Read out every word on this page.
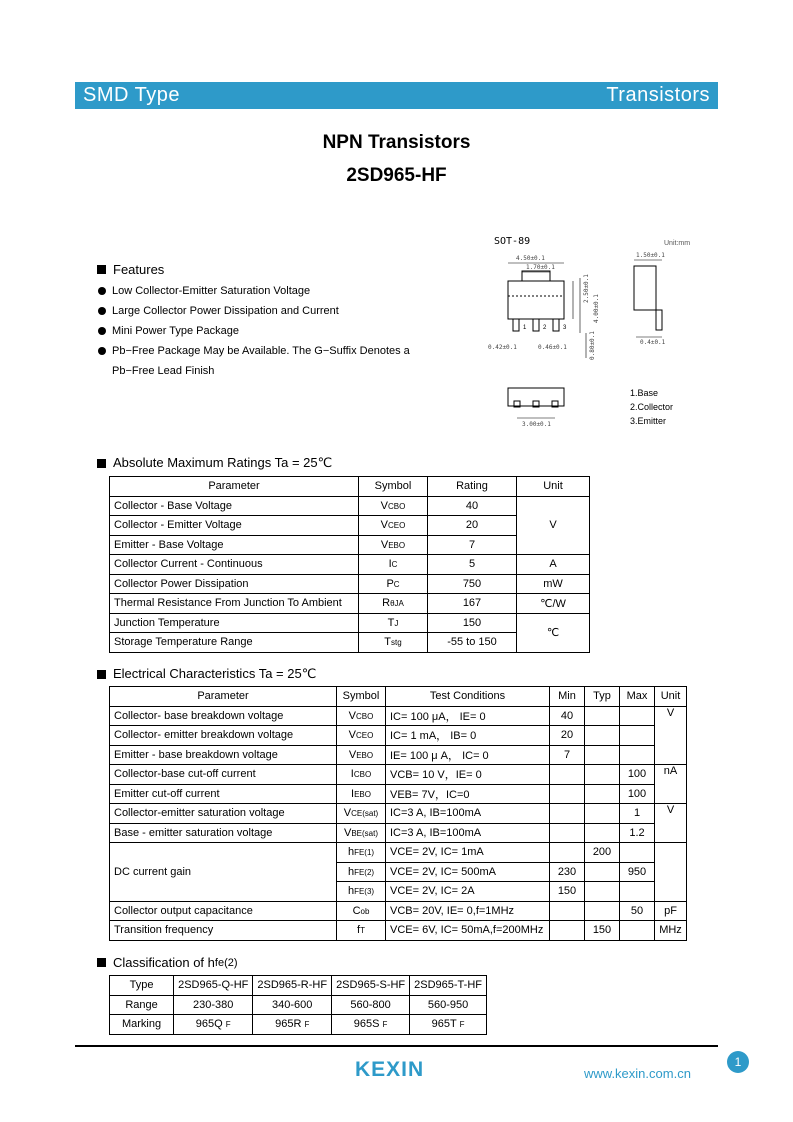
SMD Type	Transistors
NPN Transistors
2SD965-HF
SOT-89	Unit:mm
4.50±0.1
1.70±0.1
2.50±0.1
4.00±0.1
0.42±0.1	0.46±0.1	0.80±0.1
1.50±0.1
0.4±0.1
3.00±0.1
1	2	3
1.Base
2.Collector
3.Emitter
Features
Low Collector-Emitter Saturation Voltage
Large Collector Power Dissipation and Current
Mini Power Type Package
Pb−Free Package May be Available. The G−Suffix Denotes a
Pb−Free Lead Finish
Absolute Maximum Ratings Ta = 25℃
Parameter	Symbol	Rating	Unit
Collector - Base Voltage	VCBO	40	V
Collector - Emitter Voltage	VCEO	20	
Emitter - Base Voltage	VEBO	7	
Collector Current - Continuous	IC	5	A
Collector Power Dissipation	PC	750	mW
Thermal Resistance From Junction To Ambient	RθJA	167	℃/W
Junction Temperature	TJ	150	℃
Storage Temperature Range	Tstg	-55 to 150	
Electrical Characteristics Ta = 25℃
Parameter	Symbol	Test Conditions	Min	Typ	Max	Unit
Collector- base breakdown voltage	VCBO	IC= 100 μA， IE= 0	40			V
Collector- emitter breakdown voltage	VCEO	IC= 1 mA， IB= 0	20			
Emitter - base breakdown voltage	VEBO	IE= 100 μ A， IC= 0	7			
Collector-base cut-off current	ICBO	VCB= 10 V，IE= 0			100	nA
Emitter cut-off current	IEBO	VEB= 7V，IC=0			100	
Collector-emitter saturation voltage	VCE(sat)	IC=3 A, IB=100mA			1	V
Base - emitter saturation voltage	VBE(sat)	IC=3 A, IB=100mA			1.2	
DC current gain	hFE(1)	VCE= 2V, IC= 1mA		200		
	hFE(2)	VCE= 2V, IC= 500mA	230		950	
	hFE(3)	VCE= 2V, IC= 2A	150			
Collector output capacitance	Cob	VCB= 20V, IE= 0,f=1MHz			50	pF
Transition frequency	fT	VCE= 6V, IC= 50mA,f=200MHz		150		MHz
Classification of h fe(2)
Type	2SD965-Q-HF	2SD965-R-HF	2SD965-S-HF	2SD965-T-HF
Range	230-380	340-600	560-800	560-950
Marking	965Q F	965R F	965S F	965T F
KEXIN	www.kexin.com.cn
1
